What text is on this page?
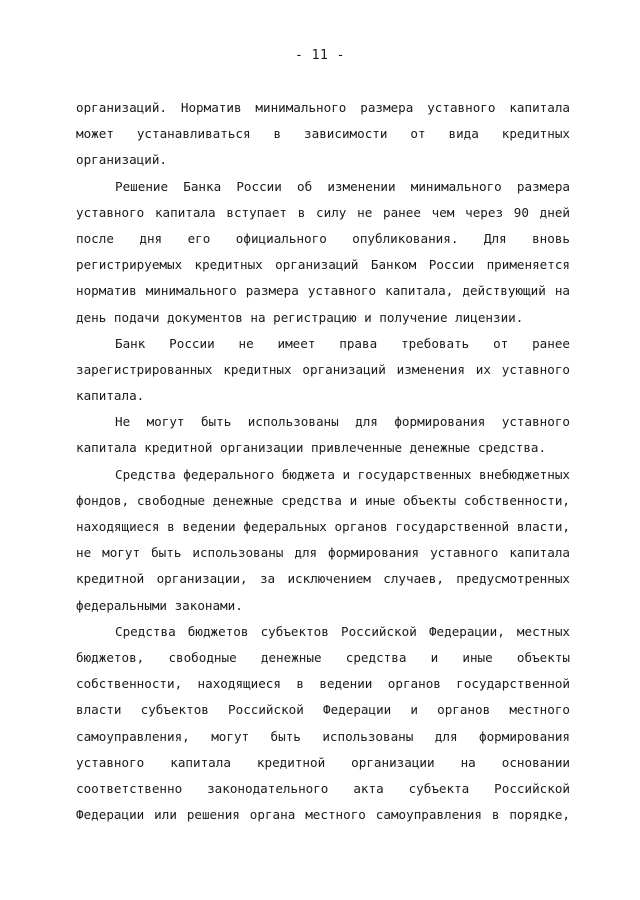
- 11 -
организаций. Норматив минимального размера уставного капитала
может устанавливаться в зависимости от вида кредитных
организаций.
Решение Банка России об изменении минимального размера
уставного капитала вступает в силу не ранее чем через 90 дней
после дня его официального опубликования. Для вновь
регистрируемых кредитных организаций Банком России применяется
норматив минимального размера уставного капитала, действующий на
день подачи документов на регистрацию и получение лицензии.
Банк России не имеет права требовать от ранее
зарегистрированных кредитных организаций изменения их уставного
капитала.
Не могут быть использованы для формирования уставного
капитала кредитной организации привлеченные денежные средства.
Средства федерального бюджета и государственных внебюджетных
фондов, свободные денежные средства и иные объекты собственности,
находящиеся в ведении федеральных органов государственной власти,
не могут быть использованы для формирования уставного капитала
кредитной организации, за исключением случаев, предусмотренных
федеральными законами.
Средства бюджетов субъектов Российской Федерации, местных
бюджетов, свободные денежные средства и иные объекты
собственности, находящиеся в ведении органов государственной
власти субъектов Российской Федерации и органов местного
самоуправления, могут быть использованы для формирования
уставного капитала кредитной организации на основании
соответственно законодательного акта субъекта Российской
Федерации или решения органа местного самоуправления в порядке,
